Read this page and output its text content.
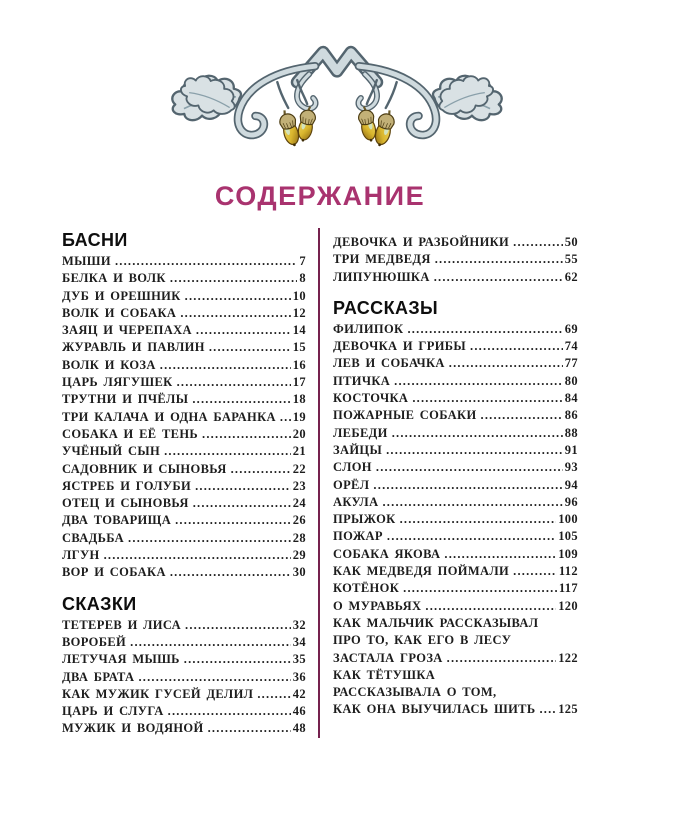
СОДЕРЖАНИЕ
БАСНИ
МЫШИ .....	7
БЕЛКА И ВОЛК .....	8
ДУБ И ОРЕШНИК .....	10
ВОЛК И СОБАКА .....	12
ЗАЯЦ И ЧЕРЕПАХА .....	14
ЖУРАВЛЬ И ПАВЛИН .....	15
ВОЛК И КОЗА .....	16
ЦАРЬ ЛЯГУШЕК .....	17
ТРУТНИ И ПЧЁЛЫ .....	18
ТРИ КАЛАЧА И ОДНА БАРАНКА ..... 19
СОБАКА И ЕЁ ТЕНЬ .....	20
УЧЁНЫЙ СЫН .....	21
САДОВНИК И СЫНОВЬЯ .....	22
ЯСТРЕБ И ГОЛУБИ .....	23
ОТЕЦ И СЫНОВЬЯ .....	24
ДВА ТОВАРИЩА .....	26
СВАДЬБА .....	28
ЛГУН .....	29
ВОР И СОБАКА .....	30
СКАЗКИ
ТЕТЕРЕВ И ЛИСА .....	32
ВОРОБЕЙ .....	34
ЛЕТУЧАЯ МЫШЬ .....	35
ДВА БРАТА .....	36
КАК МУЖИК ГУСЕЙ ДЕЛИЛ .....	42
ЦАРЬ И СЛУГА .....	46
МУЖИК И ВОДЯНОЙ .....	48
ДЕВОЧКА И РАЗБОЙНИКИ .....	50
ТРИ МЕДВЕДЯ .....	55
ЛИПУНЮШКА .....	62
РАССКАЗЫ
ФИЛИПОК .....	69
ДЕВОЧКА И ГРИБЫ .....	74
ЛЕВ И СОБАЧКА .....	77
ПТИЧКА .....	80
КОСТОЧКА .....	84
ПОЖАРНЫЕ СОБАКИ .....	86
ЛЕБЕДИ .....	88
ЗАЙЦЫ .....	91
СЛОН .....	93
ОРЁЛ .....	94
АКУЛА .....	96
ПРЫЖОК .....	100
ПОЖАР .....	105
СОБАКА ЯКОВА .....	109
КАК МЕДВЕДЯ ПОЙМАЛИ .....	112
КОТЁНОК .....	117
О МУРАВЬЯХ .....	120
КАК МАЛЬЧИК РАССКАЗЫВАЛ
ПРО ТО, КАК ЕГО В ЛЕСУ
ЗАСТАЛА ГРОЗА .....	122
КАК ТЁТУШКА
РАССКАЗЫВАЛА О ТОМ,
КАК ОНА ВЫУЧИЛАСЬ ШИТЬ ..... 125
